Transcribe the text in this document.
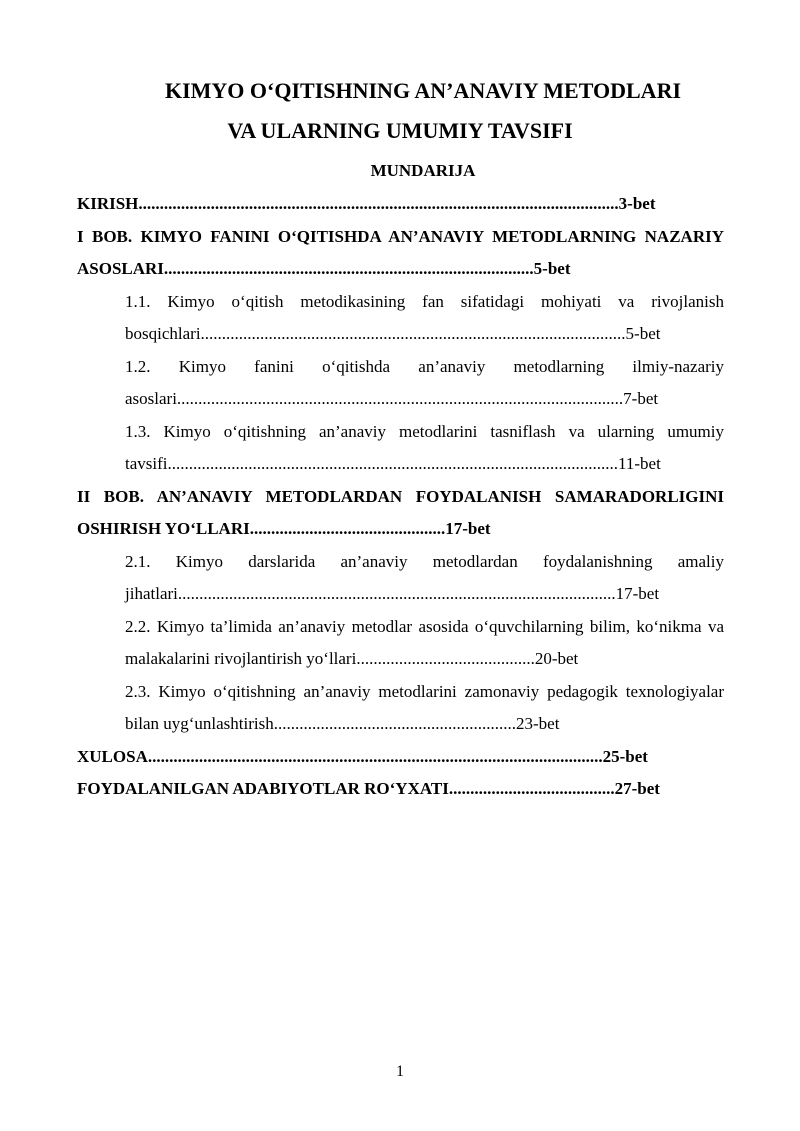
KIMYO O‘QITISHNING AN’ANAVIY METODLARI
VA ULARNING UMUMIY TAVSIFI
MUNDARIJA
KIRISH.................................................................................................................3-bet
I BOB. KIMYO FANINI O‘QITISHDA AN’ANAVIY METODLARNING NAZARIY ASOSLARI.......................................................................................5-bet
1.1. Kimyo o‘qitish metodikasining fan sifatidagi mohiyati va rivojlanish bosqichlari....................................................................................................5-bet
1.2. Kimyo fanini o‘qitishda an’anaviy metodlarning ilmiy-nazariy asoslari.........................................................................................................7-bet
1.3. Kimyo o‘qitishning an’anaviy metodlarini tasniflash va ularning umumiy tavsifi..........................................................................................................11-bet
II BOB. AN’ANAVIY METODLARDAN FOYDALANISH SAMARADORLIGINI OSHIRISH YO‘LLARI..............................................17-bet
2.1. Kimyo darslarida an’anaviy metodlardan foydalanishning amaliy jihatlari.......................................................................................................17-bet
2.2. Kimyo ta’limida an’anaviy metodlar asosida o‘quvchilarning bilim, ko‘nikma va malakalarini rivojlantirish yo‘llari..........................................20-bet
2.3. Kimyo o‘qitishning an’anaviy metodlarini zamonaviy pedagogik texnologiyalar bilan uyg‘unlashtirish.........................................................23-bet
XULOSA...........................................................................................................25-bet
FOYDALANILGAN ADABIYOTLAR RO‘YXATI.......................................27-bet
1
